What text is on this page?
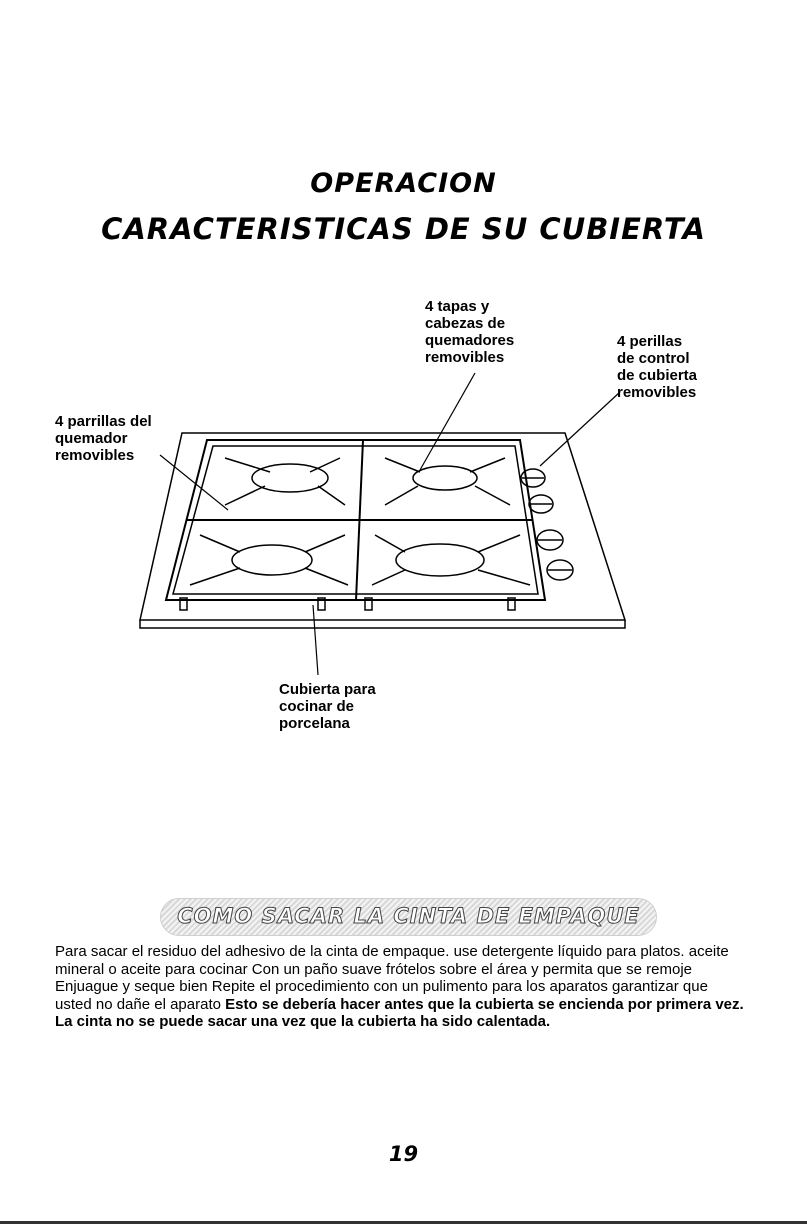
OPERACION
CARACTERISTICAS DE SU CUBIERTA
4 tapas y
cabezas de
quemadores
removibles
4 perillas
de control
de cubierta
removibles
4 parrillas del
quemador
removibles
Cubierta para
cocinar de
porcelana
COMO SACAR LA CINTA DE EMPAQUE
Para sacar el residuo del adhesivo de la cinta de empaque. use detergente líquido para platos. aceite mineral o aceite para cocinar Con un paño suave frótelos sobre el área y permita que se remoje Enjuague y seque bien Repite el procedimiento con un pulimento para los aparatos garantizar que usted no dañe el aparato Esto se debería hacer antes que la cubierta se encienda por primera vez. La cinta no se puede sacar una vez que la cubierta ha sido calentada.
19
